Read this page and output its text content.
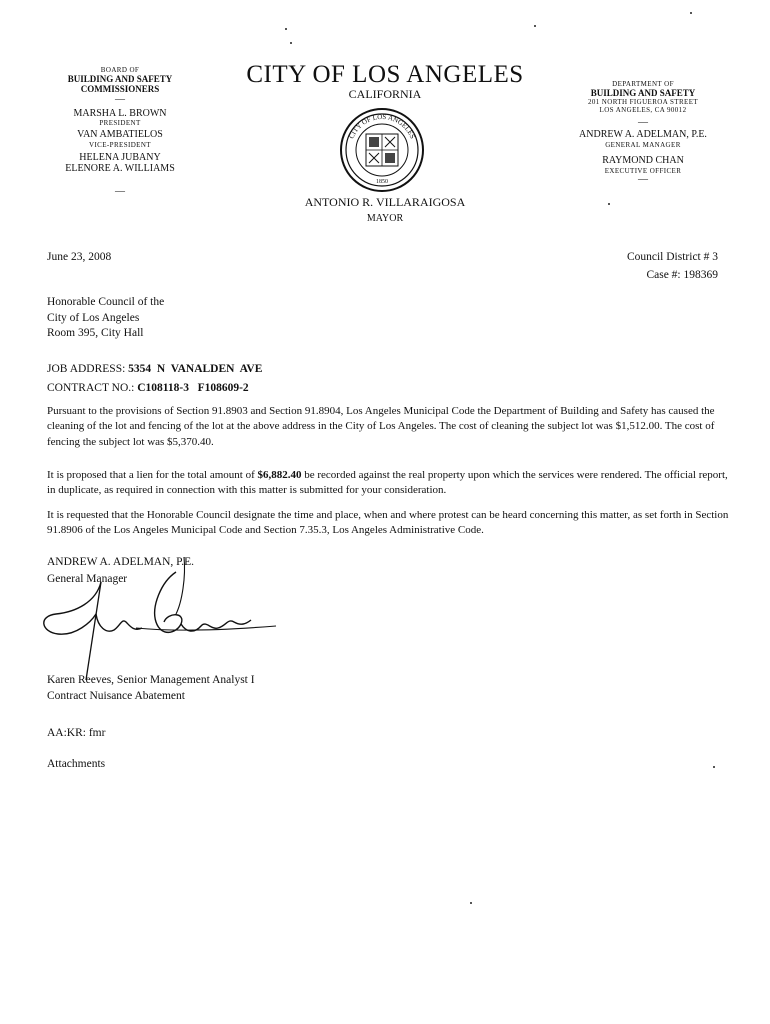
BOARD OF
BUILDING AND SAFETY
COMMISSIONERS
—
MARSHA L. BROWN
PRESIDENT
VAN AMBATIELOS
VICE-PRESIDENT
HELENA JUBANY
ELENORE A. WILLIAMS
—
CITY OF LOS ANGELES
CALIFORNIA
CITY OF LOS ANGELES
1850
ANTONIO R. VILLARAIGOSA
MAYOR
DEPARTMENT OF
BUILDING AND SAFETY
201 NORTH FIGUEROA STREET
LOS ANGELES, CA 90012
—
ANDREW A. ADELMAN, P.E.
GENERAL MANAGER
RAYMOND CHAN
EXECUTIVE OFFICER
—
June 23, 2008	Council District # 3
Case #: 198369
Honorable Council of the
City of Los Angeles
Room 395, City Hall
JOB ADDRESS: 5354  N  VANALDEN  AVE
CONTRACT NO.: C108118-3   F108609-2
Pursuant to the provisions of Section 91.8903 and Section 91.8904, Los Angeles Municipal Code the Department of Building and Safety has caused the cleaning of the lot and fencing of the lot at the above address in the City of Los Angeles. The cost of cleaning the subject lot was $1,512.00. The cost of fencing the subject lot was $5,370.40.
It is proposed that a lien for the total amount of $6,882.40 be recorded against the real property upon which the services were rendered. The official report, in duplicate, as required in connection with this matter is submitted for your consideration.
It is requested that the Honorable Council designate the time and place, when and where protest can be heard concerning this matter, as set forth in Section 91.8906 of the Los Angeles Municipal Code and Section 7.35.3, Los Angeles Administrative Code.
ANDREW A. ADELMAN, P.E.
General Manager
Karen Reeves, Senior Management Analyst I
Contract Nuisance Abatement
AA:KR: fmr
Attachments
